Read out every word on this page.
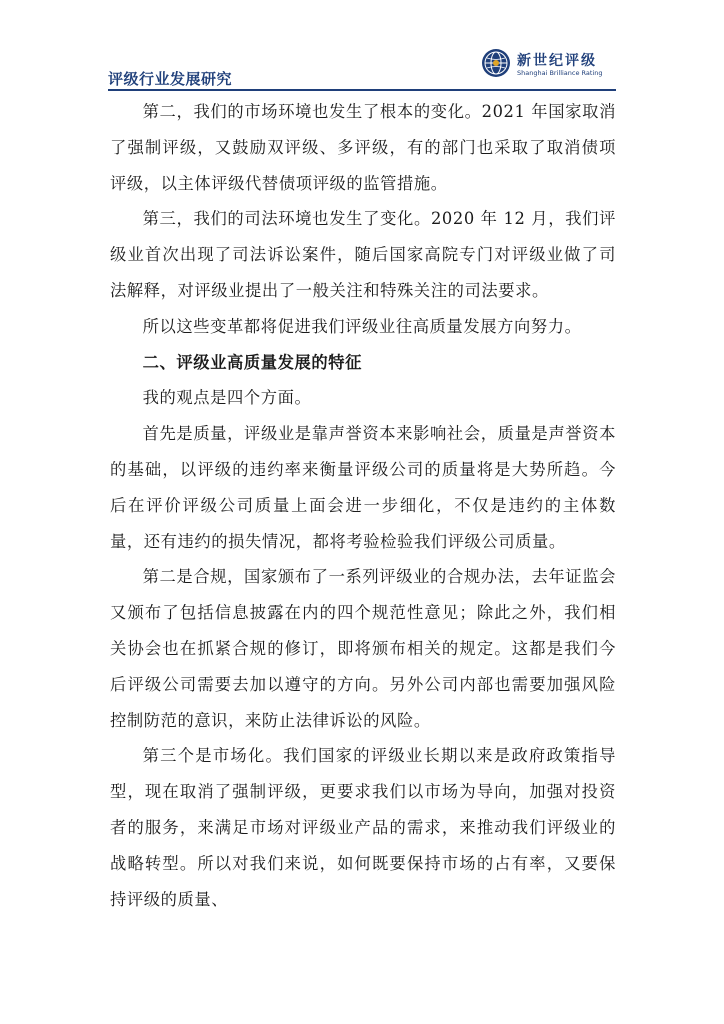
评级行业发展研究
新世纪评级
Shanghai Brilliance Rating

第二，我们的市场环境也发生了根本的变化。2021 年国家取消了强制评级，又鼓励双评级、多评级，有的部门也采取了取消债项评级，以主体评级代替债项评级的监管措施。

第三，我们的司法环境也发生了变化。2020 年 12 月，我们评级业首次出现了司法诉讼案件，随后国家高院专门对评级业做了司法解释，对评级业提出了一般关注和特殊关注的司法要求。

所以这些变革都将促进我们评级业往高质量发展方向努力。

二、评级业高质量发展的特征

我的观点是四个方面。

首先是质量，评级业是靠声誉资本来影响社会，质量是声誉资本的基础，以评级的违约率来衡量评级公司的质量将是大势所趋。今后在评价评级公司质量上面会进一步细化，不仅是违约的主体数量，还有违约的损失情况，都将考验检验我们评级公司质量。

第二是合规，国家颁布了一系列评级业的合规办法，去年证监会又颁布了包括信息披露在内的四个规范性意见；除此之外，我们相关协会也在抓紧合规的修订，即将颁布相关的规定。这都是我们今后评级公司需要去加以遵守的方向。另外公司内部也需要加强风险控制防范的意识，来防止法律诉讼的风险。

第三个是市场化。我们国家的评级业长期以来是政府政策指导型，现在取消了强制评级，更要求我们以市场为导向，加强对投资者的服务，来满足市场对评级业产品的需求，来推动我们评级业的战略转型。所以对我们来说，如何既要保持市场的占有率，又要保持评级的质量、
